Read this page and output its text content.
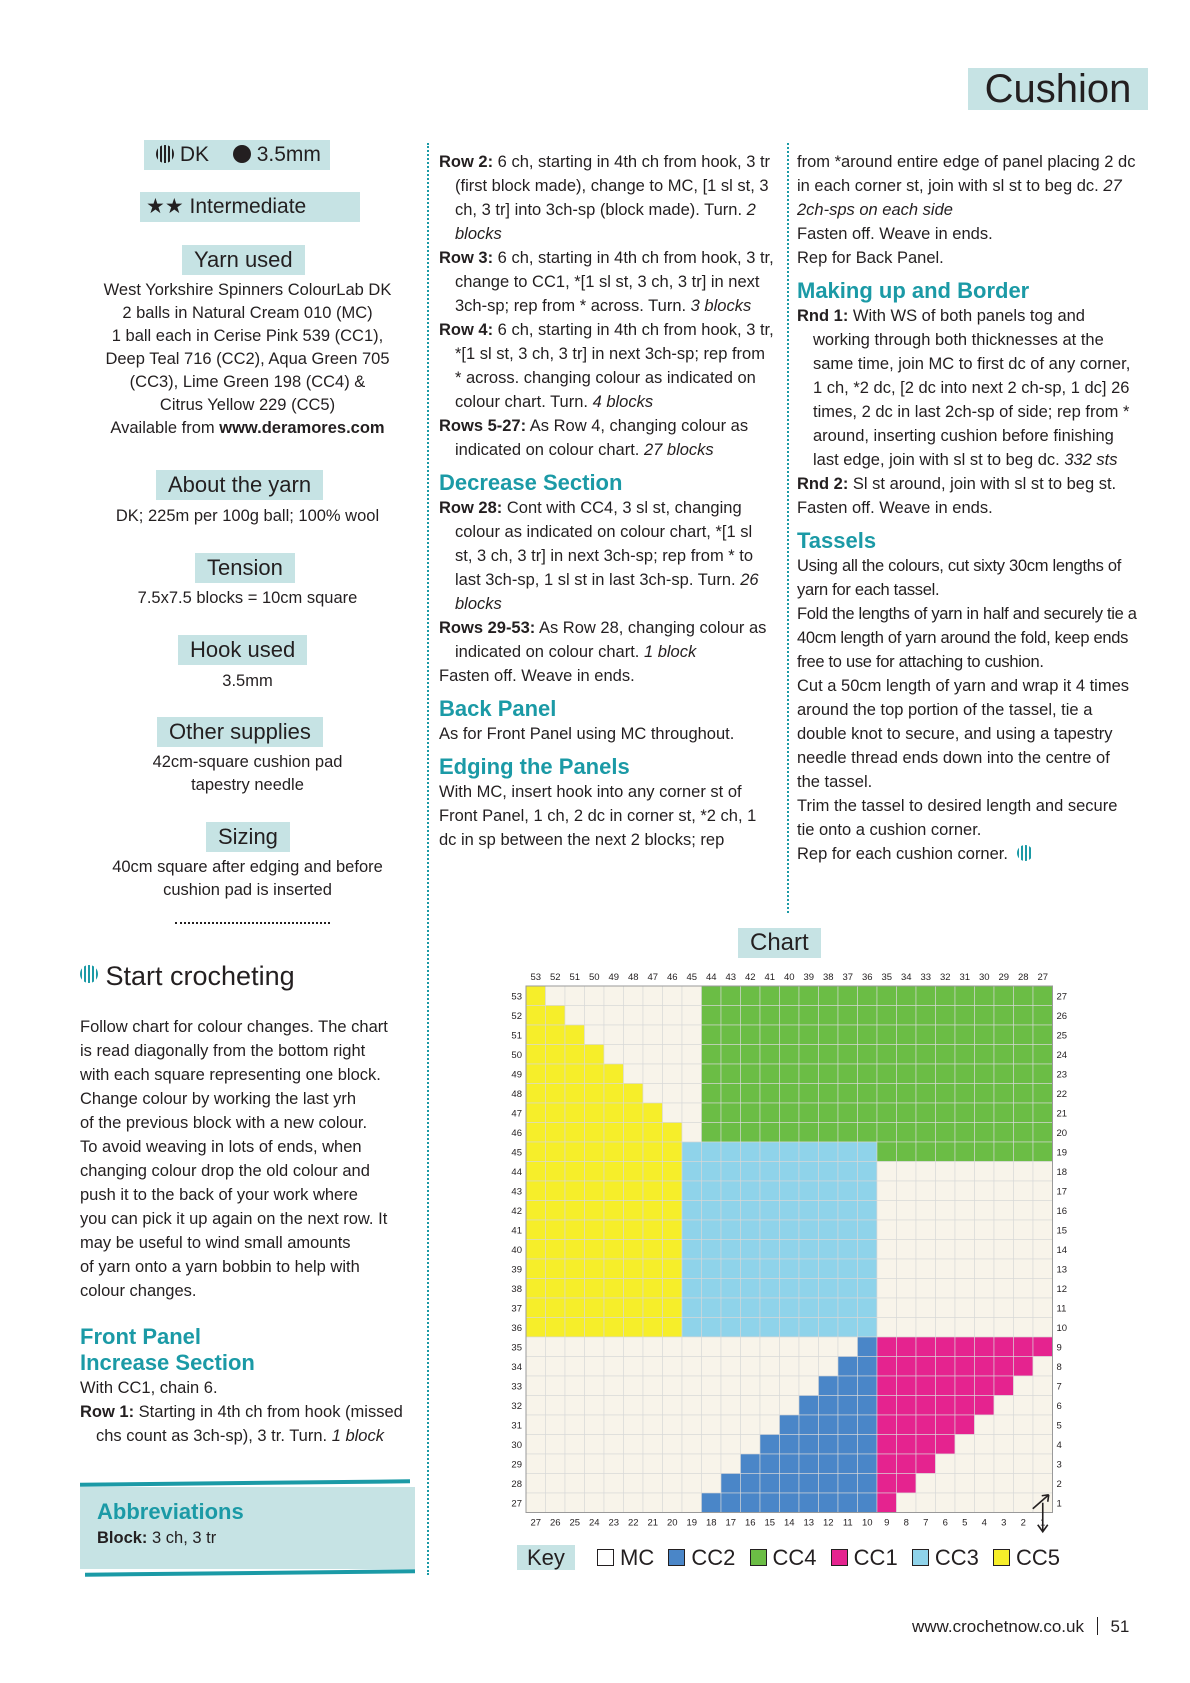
Cushion
DK 3.5mm
★★ Intermediate
Yarn used
West Yorkshire Spinners ColourLab DK
2 balls in Natural Cream 010 (MC)
1 ball each in Cerise Pink 539 (CC1),
Deep Teal 716 (CC2), Aqua Green 705
(CC3), Lime Green 198 (CC4) &
Citrus Yellow 229 (CC5)
Available from www.deramores.com
About the yarn
DK; 225m per 100g ball; 100% wool
Tension
7.5x7.5 blocks = 10cm square
Hook used
3.5mm
Other supplies
42cm-square cushion pad
tapestry needle
Sizing
40cm square after edging and before
cushion pad is inserted
Start crocheting
Follow chart for colour changes. The chart
is read diagonally from the bottom right
with each square representing one block.
Change colour by working the last yrh
of the previous block with a new colour.
To avoid weaving in lots of ends, when
changing colour drop the old colour and
push it to the back of your work where
you can pick it up again on the next row. It
may be useful to wind small amounts
of yarn onto a yarn bobbin to help with
colour changes.

Front Panel

Increase Section

With CC1, chain 6.

Row 1: Starting in 4th ch from hook (missed chs count as 3ch-sp), 3 tr. Turn. 1 block

Abbreviations
Block: 3 ch, 3 tr

Row 2: 6 ch, starting in 4th ch from hook, 3 tr (first block made), change to MC, [1 sl st, 3 ch, 3 tr] into 3ch-sp (block made). Turn. 2 blocks

Row 3: 6 ch, starting in 4th ch from hook, 3 tr, change to CC1, *[1 sl st, 3 ch, 3 tr] in next 3ch-sp; rep from * across. Turn. 3 blocks

Row 4: 6 ch, starting in 4th ch from hook, 3 tr, *[1 sl st, 3 ch, 3 tr] in next 3ch-sp; rep from * across. changing colour as indicated on colour chart. Turn. 4 blocks

Rows 5-27: As Row 4, changing colour as indicated on colour chart. 27 blocks

Decrease Section

Row 28: Cont with CC4, 3 sl st, changing colour as indicated on colour chart, *[1 sl st, 3 ch, 3 tr] in next 3ch-sp; rep from * to last 3ch-sp, 1 sl st in last 3ch-sp. Turn. 26 blocks

Rows 29-53: As Row 28, changing colour as indicated on colour chart. 1 block

Fasten off. Weave in ends.

Back Panel

As for Front Panel using MC throughout.

Edging the Panels

With MC, insert hook into any corner st of Front Panel, 1 ch, 2 dc in corner st, *2 ch, 1 dc in sp between the next 2 blocks; rep

from *around entire edge of panel placing 2 dc in each corner st, join with sl st to beg dc. 27 2ch-sps on each side

Fasten off. Weave in ends.

Rep for Back Panel.

Making up and Border

Rnd 1: With WS of both panels tog and working through both thicknesses at the same time, join MC to first dc of any corner, 1 ch, *2 dc, [2 dc into next 2 ch-sp, 1 dc] 26 times, 2 dc in last 2ch-sp of side; rep from * around, inserting cushion before finishing last edge, join with sl st to beg dc. 332 sts

Rnd 2: Sl st around, join with sl st to beg st. Fasten off. Weave in ends.

Tassels

Using all the colours, cut sixty 30cm lengths of yarn for each tassel.

Fold the lengths of yarn in half and securely tie a 40cm length of yarn around the fold, keep ends free to use for attaching to cushion.

Cut a 50cm length of yarn and wrap it 4 times around the top portion of the tassel, tie a double knot to secure, and using a tapestry needle thread ends down into the centre of the tassel.

Trim the tassel to desired length and secure tie onto a cushion corner.

Rep for each cushion corner.

Chart
53 52 51 50 49 48 47 46 45 44 43 42 41 40 39 38 37 36 35 34 33 32 31 30 29 28 27
27 26 25 24 23 22 21 20 19 18 17 16 15 14 13 12 11 10 9 8 7 6 5 4 3 2 1
53
52
51
50
49
48
47
46
45
44
43
42
41
40
39
38
37
36
35
34
33
32
31
30
29
28
27
27
26
25
24
23
22
21
20
19
18
17
16
15
14
13
12
11
10
9
8
7
6
5
4
3
2
1
Key	MC CC2 CC4 CC1 CC3 CC5
www.crochetnow.co.uk 51
